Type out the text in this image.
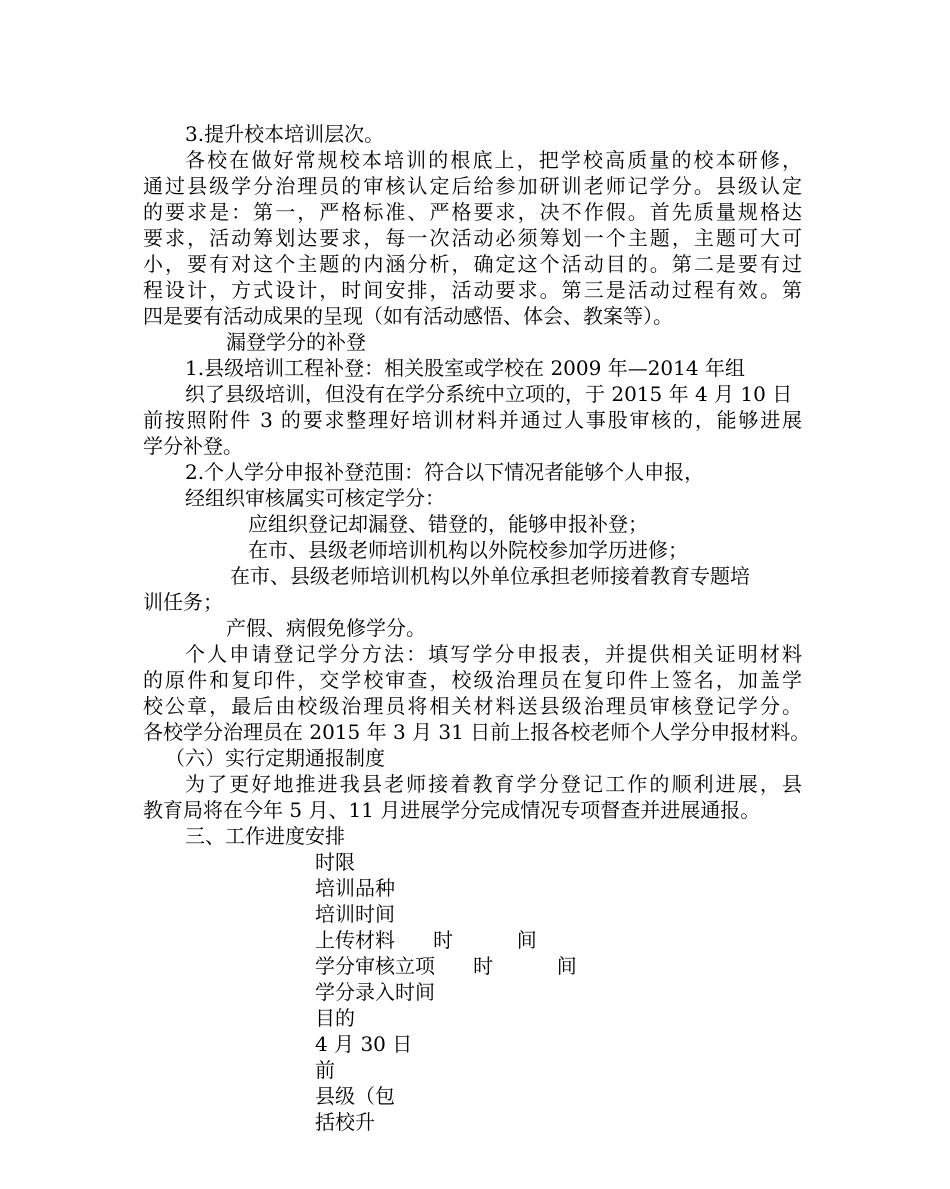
3.提升校本培训层次。
各校在做好常规校本培训的根底上，把学校高质量的校本研修，
通过县级学分治理员的审核认定后给参加研训老师记学分。县级认定
的要求是：第一，严格标准、严格要求，决不作假。首先质量规格达
要求，活动筹划达要求，每一次活动必须筹划一个主题，主题可大可
小，要有对这个主题的内涵分析，确定这个活动目的。第二是要有过
程设计，方式设计，时间安排，活动要求。第三是活动过程有效。第
四是要有活动成果的呈现（如有活动感悟、体会、教案等）。
漏登学分的补登
1.县级培训工程补登：相关股室或学校在 2009 年—2014 年组
织了县级培训，但没有在学分系统中立项的，于 2015 年 4 月 10 日
前按照附件 3 的要求整理好培训材料并通过人事股审核的，能够进展
学分补登。
2.个人学分申报补登范围：符合以下情况者能够个人申报，
经组织审核属实可核定学分：
应组织登记却漏登、错登的，能够申报补登；
在市、县级老师培训机构以外院校参加学历进修；
在市、县级老师培训机构以外单位承担老师接着教育专题培
训任务；
产假、病假免修学分。
个人申请登记学分方法：填写学分申报表，并提供相关证明材料
的原件和复印件，交学校审查，校级治理员在复印件上签名，加盖学
校公章，最后由校级治理员将相关材料送县级治理员审核登记学分。
各校学分治理员在 2015 年 3 月 31 日前上报各校老师个人学分申报材料。
（六）实行定期通报制度
为了更好地推进我县老师接着教育学分登记工作的顺利进展，县
教育局将在今年 5 月、11 月进展学分完成情况专项督查并进展通报。
三、工作进度安排
时限
培训品种
培训时间
上传材料      时          间
学分审核立项      时          间
学分录入时间
目的
4 月 30 日
前
县级（包
括校升
